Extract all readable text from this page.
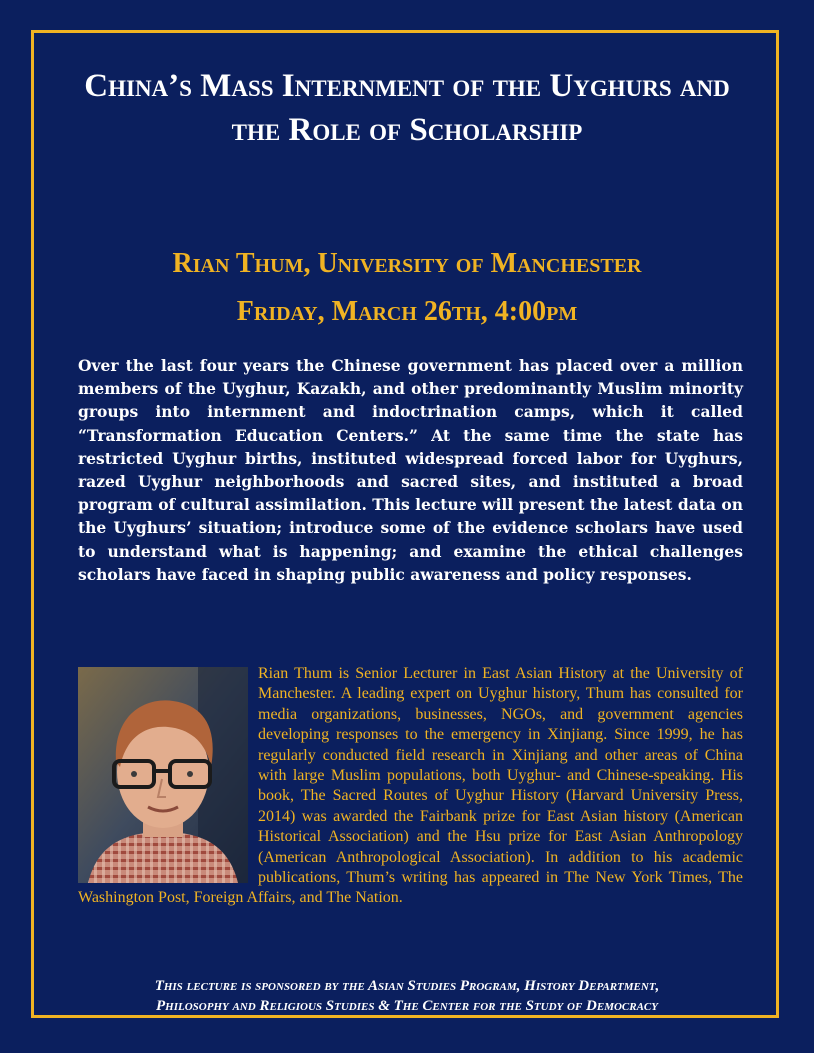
China’s Mass Internment of the Uyghurs and the Role of Scholarship
Rian Thum, University of Manchester
Friday, March 26th, 4:00pm
Over the last four years the Chinese government has placed over a million members of the Uyghur, Kazakh, and other predominantly Muslim minority groups into internment and indoctrination camps, which it called “Transformation Education Centers.” At the same time the state has restricted Uyghur births, instituted widespread forced labor for Uyghurs, razed Uyghur neighborhoods and sacred sites, and instituted a broad program of cultural assimilation. This lecture will present the latest data on the Uyghurs’ situation; introduce some of the evidence scholars have used to understand what is happening; and examine the ethical challenges scholars have faced in shaping public awareness and policy responses.
Rian Thum is Senior Lecturer in East Asian History at the University of Manchester. A leading expert on Uyghur history, Thum has consulted for media organizations, businesses, NGOs, and government agencies developing responses to the emergency in Xinjiang. Since 1999, he has regularly conducted field research in Xinjiang and other areas of China with large Muslim populations, both Uyghur- and Chinese-speaking. His book, The Sacred Routes of Uyghur History (Harvard University Press, 2014) was awarded the Fairbank prize for East Asian history (American Historical Association) and the Hsu prize for East Asian Anthropology (American Anthropological Association). In addition to his academic publications, Thum’s writing has appeared in The New York Times, The Washington Post, Foreign Affairs, and The Nation.
This lecture is sponsored by the Asian Studies Program, History Department,
Philosophy and Religious Studies & The Center for the Study of Democracy
